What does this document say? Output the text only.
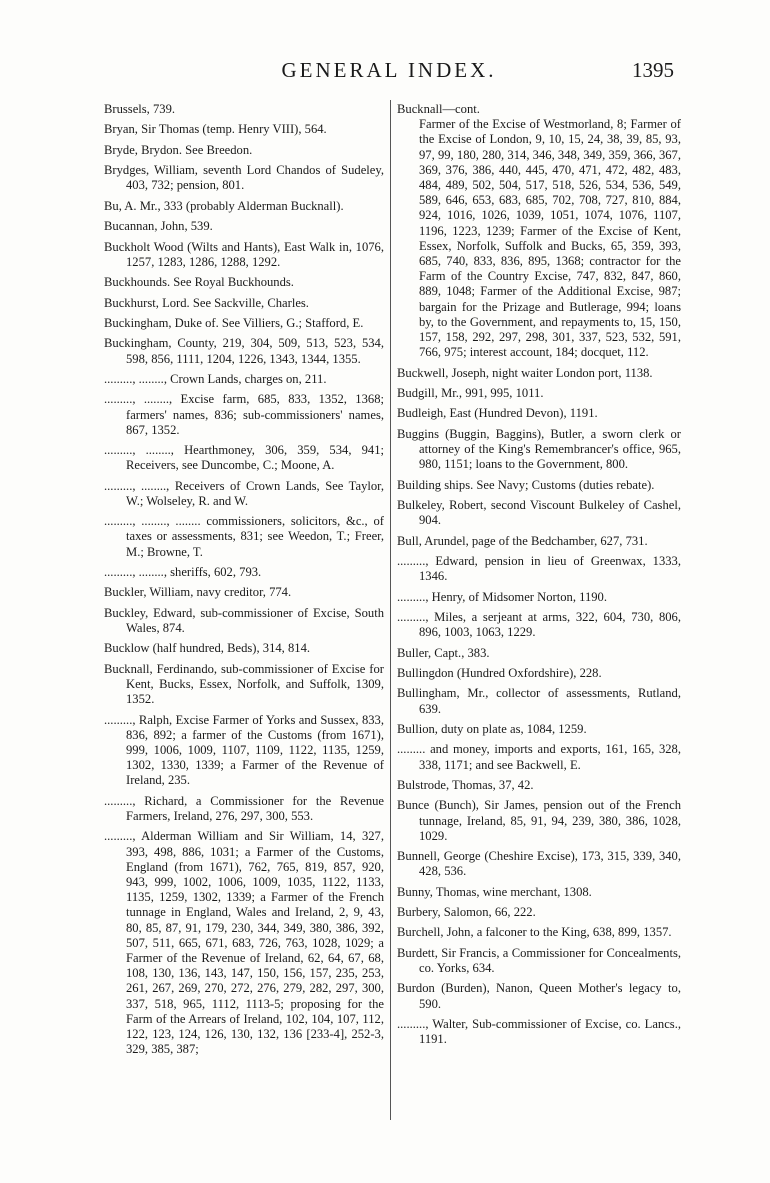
GENERAL INDEX.	1395
Brussels, 739.
Bryan, Sir Thomas (temp. Henry VIII), 564.
Bryde, Brydon. See Breedon.
Brydges, William, seventh Lord Chandos of Sudeley, 403, 732; pension, 801.
Bu, A. Mr., 333 (probably Alderman Bucknall).
Bucannan, John, 539.
Buckholt Wood (Wilts and Hants), East Walk in, 1076, 1257, 1283, 1286, 1288, 1292.
Buckhounds. See Royal Buckhounds.
Buckhurst, Lord. See Sackville, Charles.
Buckingham, Duke of. See Villiers, G.; Stafford, E.
Buckingham, County, 219, 304, 509, 513, 523, 534, 598, 856, 1111, 1204, 1226, 1343, 1344, 1355.
........., ........, Crown Lands, charges on, 211.
........., ........, Excise farm, 685, 833, 1352, 1368; farmers' names, 836; sub-commissioners' names, 867, 1352.
........., ........, Hearthmoney, 306, 359, 534, 941; Receivers, see Duncombe, C.; Moone, A.
........., ........, Receivers of Crown Lands, See Taylor, W.; Wolseley, R. and W.
........., ........, ........ commissioners, solicitors, &c., of taxes or assessments, 831; see Weedon, T.; Freer, M.; Browne, T.
........., ........, sheriffs, 602, 793.
Buckler, William, navy creditor, 774.
Buckley, Edward, sub-commissioner of Excise, South Wales, 874.
Bucklow (half hundred, Beds), 314, 814.
Bucknall, Ferdinando, sub-commissioner of Excise for Kent, Bucks, Essex, Norfolk, and Suffolk, 1309, 1352.
........., Ralph, Excise Farmer of Yorks and Sussex, 833, 836, 892; a farmer of the Customs (from 1671), 999, 1006, 1009, 1107, 1109, 1122, 1135, 1259, 1302, 1330, 1339; a Farmer of the Revenue of Ireland, 235.
........., Richard, a Commissioner for the Revenue Farmers, Ireland, 276, 297, 300, 553.
........., Alderman William and Sir William, 14, 327, 393, 498, 886, 1031; a Farmer of the Customs, England (from 1671), 762, 765, 819, 857, 920, 943, 999, 1002, 1006, 1009, 1035, 1122, 1133, 1135, 1259, 1302, 1339; a Farmer of the French tunnage in England, Wales and Ireland, 2, 9, 43, 80, 85, 87, 91, 179, 230, 344, 349, 380, 386, 392, 507, 511, 665, 671, 683, 726, 763, 1028, 1029; a Farmer of the Revenue of Ireland, 62, 64, 67, 68, 108, 130, 136, 143, 147, 150, 156, 157, 235, 253, 261, 267, 269, 270, 272, 276, 279, 282, 297, 300, 337, 518, 965, 1112, 1113-5; proposing for the Farm of the Arrears of Ireland, 102, 104, 107, 112, 122, 123, 124, 126, 130, 132, 136 [233-4], 252-3, 329, 385, 387;
Bucknall—cont.
Farmer of the Excise of Westmorland, 8; Farmer of the Excise of London, 9, 10, 15, 24, 38, 39, 85, 93, 97, 99, 180, 280, 314, 346, 348, 349, 359, 366, 367, 369, 376, 386, 440, 445, 470, 471, 472, 482, 483, 484, 489, 502, 504, 517, 518, 526, 534, 536, 549, 589, 646, 653, 683, 685, 702, 708, 727, 810, 884, 924, 1016, 1026, 1039, 1051, 1074, 1076, 1107, 1196, 1223, 1239; Farmer of the Excise of Kent, Essex, Norfolk, Suffolk and Bucks, 65, 359, 393, 685, 740, 833, 836, 895, 1368; contractor for the Farm of the Country Excise, 747, 832, 847, 860, 889, 1048; Farmer of the Additional Excise, 987; bargain for the Prizage and Butlerage, 994; loans by, to the Government, and repayments to, 15, 150, 157, 158, 292, 297, 298, 301, 337, 523, 532, 591, 766, 975; interest account, 184; docquet, 112.
Buckwell, Joseph, night waiter London port, 1138.
Budgill, Mr., 991, 995, 1011.
Budleigh, East (Hundred Devon), 1191.
Buggins (Buggin, Baggins), Butler, a sworn clerk or attorney of the King's Remembrancer's office, 965, 980, 1151; loans to the Government, 800.
Building ships. See Navy; Customs (duties rebate).
Bulkeley, Robert, second Viscount Bulkeley of Cashel, 904.
Bull, Arundel, page of the Bedchamber, 627, 731.
........., Edward, pension in lieu of Greenwax, 1333, 1346.
........., Henry, of Midsomer Norton, 1190.
........., Miles, a serjeant at arms, 322, 604, 730, 806, 896, 1003, 1063, 1229.
Buller, Capt., 383.
Bullingdon (Hundred Oxfordshire), 228.
Bullingham, Mr., collector of assessments, Rutland, 639.
Bullion, duty on plate as, 1084, 1259.
......... and money, imports and exports, 161, 165, 328, 338, 1171; and see Backwell, E.
Bulstrode, Thomas, 37, 42.
Bunce (Bunch), Sir James, pension out of the French tunnage, Ireland, 85, 91, 94, 239, 380, 386, 1028, 1029.
Bunnell, George (Cheshire Excise), 173, 315, 339, 340, 428, 536.
Bunny, Thomas, wine merchant, 1308.
Burbery, Salomon, 66, 222.
Burchell, John, a falconer to the King, 638, 899, 1357.
Burdett, Sir Francis, a Commissioner for Concealments, co. Yorks, 634.
Burdon (Burden), Nanon, Queen Mother's legacy to, 590.
........., Walter, Sub-commissioner of Excise, co. Lancs., 1191.
